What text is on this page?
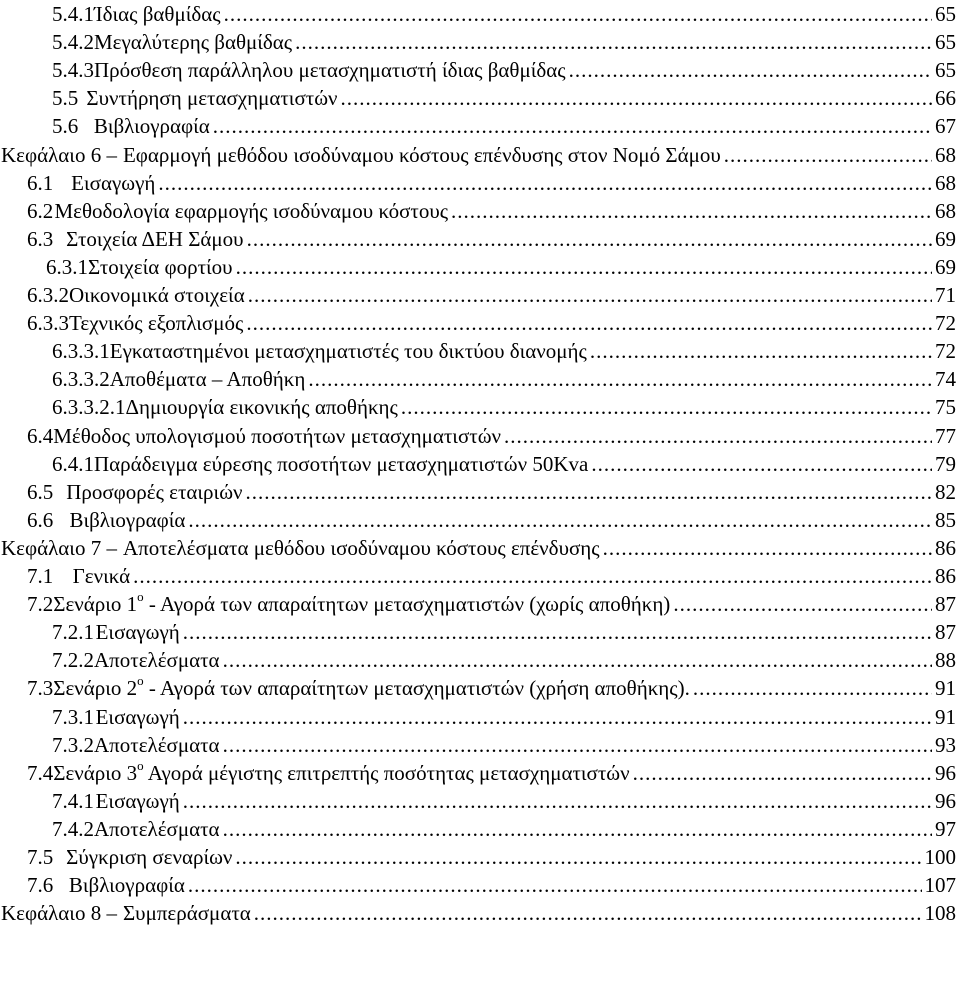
5.4.1 Ίδιας βαθμίδας .....	65
5.4.2 Μεγαλύτερης βαθμίδας .....	65
5.4.3 Πρόσθεση παράλληλου μετασχηματιστή ίδιας βαθμίδας .....	65
5.5 Συντήρηση μετασχηματιστών .....	66
5.6 Βιβλιογραφία .....	67
Κεφάλαιο 6 – Εφαρμογή μεθόδου ισοδύναμου κόστους επένδυσης στον Νομό Σάμου .....	68
6.1 Εισαγωγή .....	68
6.2 Μεθοδολογία εφαρμογής ισοδύναμου κόστους .....	68
6.3 Στοιχεία ΔΕΗ Σάμου .....	69
6.3.1 Στοιχεία φορτίου .....	69
6.3.2 Οικονομικά στοιχεία .....	71
6.3.3 Τεχνικός εξοπλισμός .....	72
6.3.3.1 Εγκαταστημένοι μετασχηματιστές του δικτύου διανομής .....	72
6.3.3.2 Αποθέματα – Αποθήκη .....	74
6.3.3.2.1 Δημιουργία εικονικής αποθήκης .....	75
6.4 Μέθοδος υπολογισμού ποσοτήτων μετασχηματιστών .....	77
6.4.1 Παράδειγμα εύρεσης ποσοτήτων μετασχηματιστών 50Kva .....	79
6.5 Προσφορές εταιριών .....	82
6.6 Βιβλιογραφία .....	85
Κεφάλαιο 7 – Αποτελέσματα μεθόδου ισοδύναμου κόστους επένδυσης .....	86
7.1 Γενικά .....	86
7.2 Σενάριο $1^o$ - Αγορά των απαραίτητων μετασχηματιστών (χωρίς αποθήκη) .....	87
7.2.1 Εισαγωγή .....	87
7.2.2 Αποτελέσματα .....	88
7.3 Σενάριο $2^o$ - Αγορά των απαραίτητων μετασχηματιστών (χρήση αποθήκης). .....	91
7.3.1 Εισαγωγή .....	91
7.3.2 Αποτελέσματα .....	93
7.4 Σενάριο $3^o$ Αγορά μέγιστης επιτρεπτής ποσότητας μετασχηματιστών .....	96
7.4.1 Εισαγωγή .....	96
7.4.2 Αποτελέσματα .....	97
7.5 Σύγκριση σεναρίων .....	100
7.6 Βιβλιογραφία .....	107
Κεφάλαιο 8 – Συμπεράσματα .....	108
